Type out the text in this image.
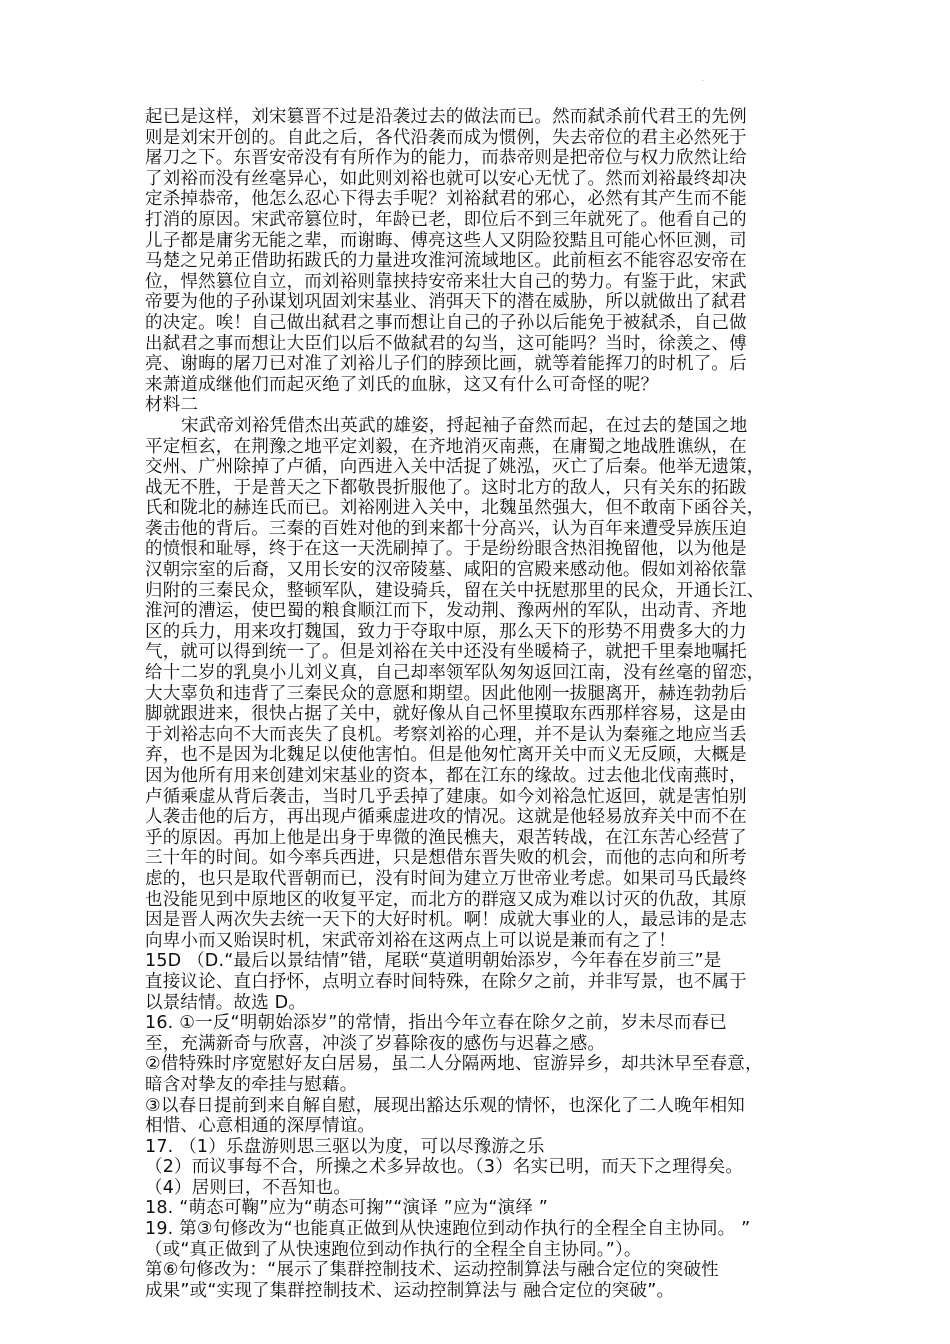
.
起已是这样，刘宋篡晋不过是沿袭过去的做法而已。然而弑杀前代君王的先例
则是刘宋开创的。自此之后，各代沿袭而成为惯例，失去帝位的君主必然死于
屠刀之下。东晋安帝没有有所作为的能力，而恭帝则是把帝位与权力欣然让给
了刘裕而没有丝毫异心，如此则刘裕也就可以安心无忧了。然而刘裕最终却决
定杀掉恭帝，他怎么忍心下得去手呢？刘裕弑君的邪心，必然有其产生而不能
打消的原因。宋武帝篡位时，年龄已老，即位后不到三年就死了。他看自己的
儿子都是庸劣无能之辈，而谢晦、傅亮这些人又阴险狡黠且可能心怀叵测，司
马楚之兄弟正借助拓跋氏的力量进攻淮河流域地区。此前桓玄不能容忍安帝在
位，悍然篡位自立，而刘裕则靠挟持安帝来壮大自己的势力。有鉴于此，宋武
帝要为他的子孙谋划巩固刘宋基业、消弭天下的潜在威胁，所以就做出了弑君
的决定。唉！自己做出弑君之事而想让自己的子孙以后能免于被弑杀，自己做
出弑君之事而想让大臣们以后不做弑君的勾当，这可能吗？当时，徐羡之、傅
亮、谢晦的屠刀已对准了刘裕儿子们的脖颈比画，就等着能挥刀的时机了。后
来萧道成继他们而起灭绝了刘氏的血脉，这又有什么可奇怪的呢？
材料二
宋武帝刘裕凭借杰出英武的雄姿，捋起袖子奋然而起，在过去的楚国之地
平定桓玄，在荆豫之地平定刘毅，在齐地消灭南燕，在庸蜀之地战胜谯纵，在
交州、广州除掉了卢循，向西进入关中活捉了姚泓，灭亡了后秦。他举无遗策，
战无不胜，于是普天之下都敬畏折服他了。这时北方的敌人，只有关东的拓跋
氏和陇北的赫连氏而已。刘裕刚进入关中，北魏虽然强大，但不敢南下函谷关，
袭击他的背后。三秦的百姓对他的到来都十分高兴，认为百年来遭受异族压迫
的愤恨和耻辱，终于在这一天洗刷掉了。于是纷纷眼含热泪挽留他，以为他是
汉朝宗室的后裔，又用长安的汉帝陵墓、咸阳的宫殿来感动他。假如刘裕依靠
归附的三秦民众，整顿军队，建设骑兵，留在关中抚慰那里的民众，开通长江、
淮河的漕运，使巴蜀的粮食顺江而下，发动荆、豫两州的军队，出动青、齐地
区的兵力，用来攻打魏国，致力于夺取中原，那么天下的形势不用费多大的力
气，就可以得到统一了。但是刘裕在关中还没有坐暖椅子，就把千里秦地嘱托
给十二岁的乳臭小儿刘义真，自己却率领军队匆匆返回江南，没有丝毫的留恋，
大大辜负和违背了三秦民众的意愿和期望。因此他刚一拔腿离开，赫连勃勃后
脚就跟进来，很快占据了关中，就好像从自己怀里摸取东西那样容易，这是由
于刘裕志向不大而丧失了良机。考察刘裕的心理，并不是认为秦雍之地应当丢
弃，也不是因为北魏足以使他害怕。但是他匆忙离开关中而义无反顾，大概是
因为他所有用来创建刘宋基业的资本，都在江东的缘故。过去他北伐南燕时，
卢循乘虚从背后袭击，当时几乎丢掉了建康。如今刘裕急忙返回，就是害怕别
人袭击他的后方，再出现卢循乘虚进攻的情况。这就是他轻易放弃关中而不在
乎的原因。再加上他是出身于卑微的渔民樵夫，艰苦转战，在江东苦心经营了
三十年的时间。如今率兵西进，只是想借东晋失败的机会，而他的志向和所考
虑的，也只是取代晋朝而已，没有时间为建立万世帝业考虑。如果司马氏最终
也没能见到中原地区的收复平定，而北方的群寇又成为难以讨灭的仇敌，其原
因是晋人两次失去统一天下的大好时机。啊！成就大事业的人，最忌讳的是志
向卑小而又贻误时机，宋武帝刘裕在这两点上可以说是兼而有之了！
15D （D.“最后以景结情”错，尾联“莫道明朝始添岁，今年春在岁前三”是
直接议论、直白抒怀，点明立春时间特殊，在除夕之前，并非写景，也不属于
以景结情。故选 D。
16. ①一反“明朝始添岁”的常情，指出今年立春在除夕之前，岁未尽而春已
至，充满新奇与欣喜，冲淡了岁暮除夜的感伤与迟暮之感。
②借特殊时序宽慰好友白居易，虽二人分隔两地、宦游异乡，却共沐早至春意，
暗含对挚友的牵挂与慰藉。
③以春日提前到来自解自慰，展现出豁达乐观的情怀，也深化了二人晚年相知
相惜、心意相通的深厚情谊。
17. （1）乐盘游则思三驱以为度，可以尽豫游之乐
（2）而议事每不合，所操之术多异故也。（3）名实已明，而天下之理得矣。
（4）居则曰，不吾知也。
18. “萌态可鞠”应为“萌态可掬”“演译 ”应为“演绎 ”
19. 第③句修改为“也能真正做到从快速跑位到动作执行的全程全自主协同。 ”
（或“真正做到了从快速跑位到动作执行的全程全自主协同。”）。
第⑥句修改为：“展示了集群控制技术、运动控制算法与融合定位的突破性
成果”或“实现了集群控制技术、运动控制算法与 融合定位的突破”。
